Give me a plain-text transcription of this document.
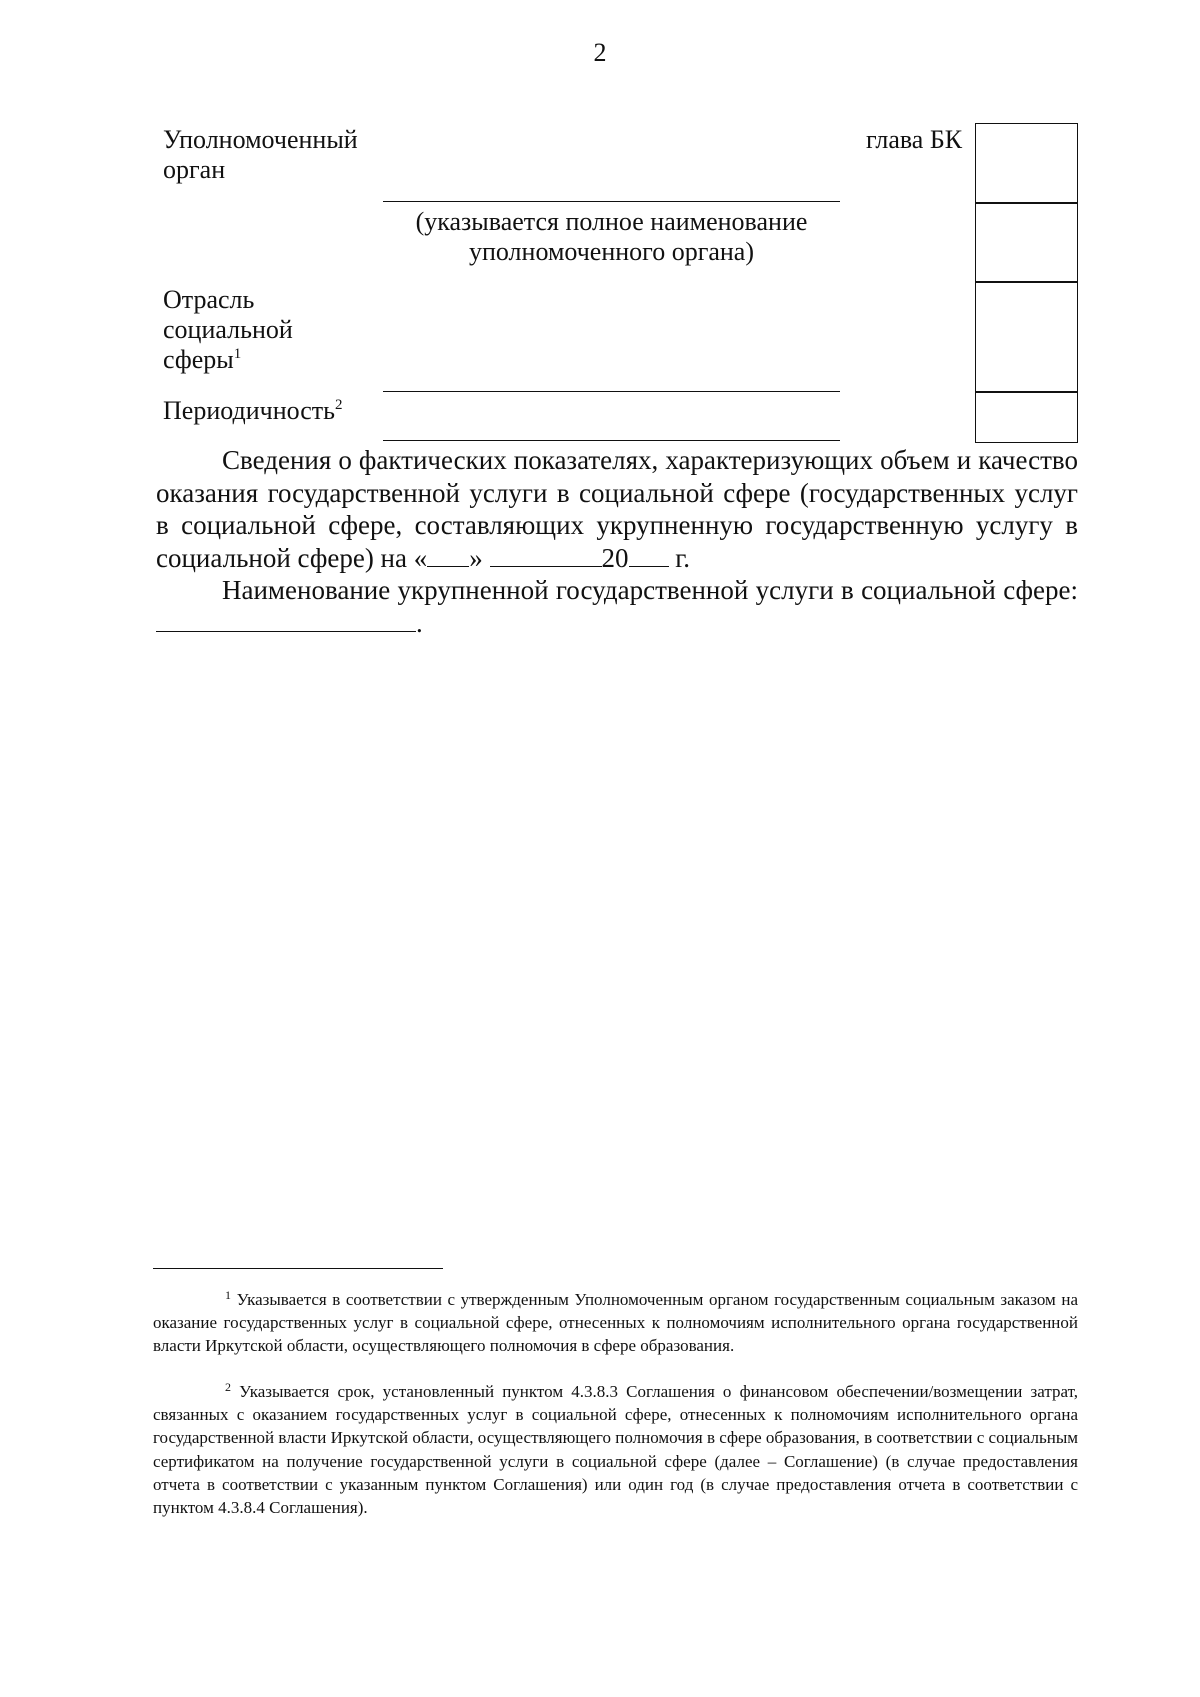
2
Уполномоченный орган
(указывается полное наименование уполномоченного органа)
Отрасль социальной сферы$^1$
Периодичность$^2$
глава БК
Сведения о фактических показателях, характеризующих объем и качество оказания государственной услуги в социальной сфере (государственных услуг в социальной сфере, составляющих укрупненную государственную услугу в социальной сфере) на « »	20 г.
Наименование укрупненной государственной услуги в социальной сфере: .
$^1$ Указывается в соответствии с утвержденным Уполномоченным органом государственным социальным заказом на оказание государственных услуг в социальной сфере, отнесенных к полномочиям исполнительного органа государственной власти Иркутской области, осуществляющего полномочия в сфере образования.
$^2$ Указывается срок, установленный пунктом 4.3.8.3 Соглашения о финансовом обеспечении/возмещении затрат, связанных с оказанием государственных услуг в социальной сфере, отнесенных к полномочиям исполнительного органа государственной власти Иркутской области, осуществляющего полномочия в сфере образования, в соответствии с социальным сертификатом на получение государственной услуги в социальной сфере (далее – Соглашение) (в случае предоставления отчета в соответствии с указанным пунктом Соглашения) или один год (в случае предоставления отчета в соответствии с пунктом 4.3.8.4 Соглашения).
